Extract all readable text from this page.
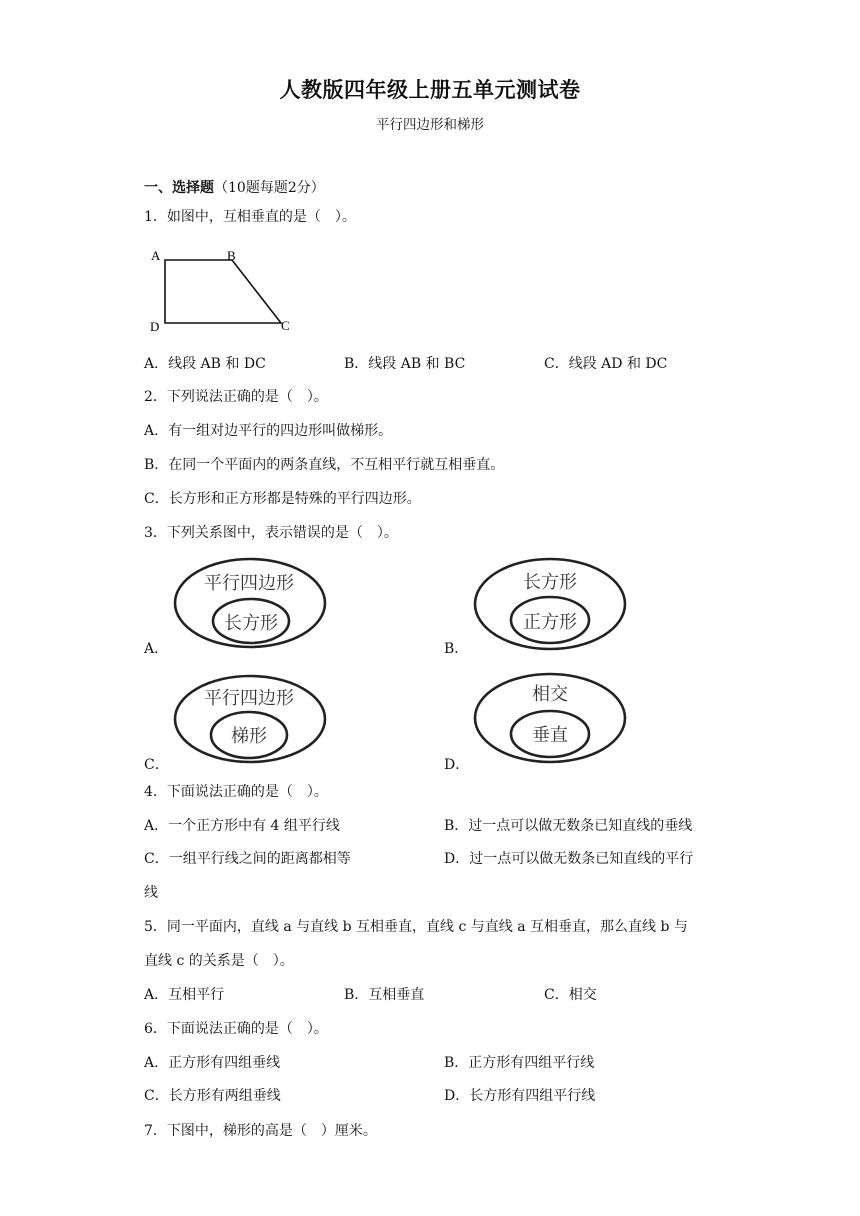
人教版四年级上册五单元测试卷
平行四边形和梯形
一、选择题（10题每题2分）
1．如图中，互相垂直的是（　）。
A	B
D	C
A．线段 AB 和 DC	B．线段 AB 和 BC	C．线段 AD 和 DC
2．下列说法正确的是（　）。
A．有一组对边平行的四边形叫做梯形。
B．在同一个平面内的两条直线，不互相平行就互相垂直。
C．长方形和正方形都是特殊的平行四边形。
3．下列关系图中，表示错误的是（　）。
A．
平行四边形
长方形
B．
长方形
正方形
C．
平行四边形
梯形
D．
相交
垂直
4．下面说法正确的是（　）。
A．一个正方形中有 4 组平行线	B．过一点可以做无数条已知直线的垂线
C．一组平行线之间的距离都相等	D．过一点可以做无数条已知直线的平行
线
5．同一平面内，直线 a 与直线 b 互相垂直，直线 c 与直线 a 互相垂直，那么直线 b 与
直线 c 的关系是（　）。
A．互相平行	B．互相垂直	C．相交
6．下面说法正确的是（　）。
A．正方形有四组垂线	B．正方形有四组平行线
C．长方形有两组垂线	D．长方形有四组平行线
7．下图中，梯形的高是（　）厘米。
